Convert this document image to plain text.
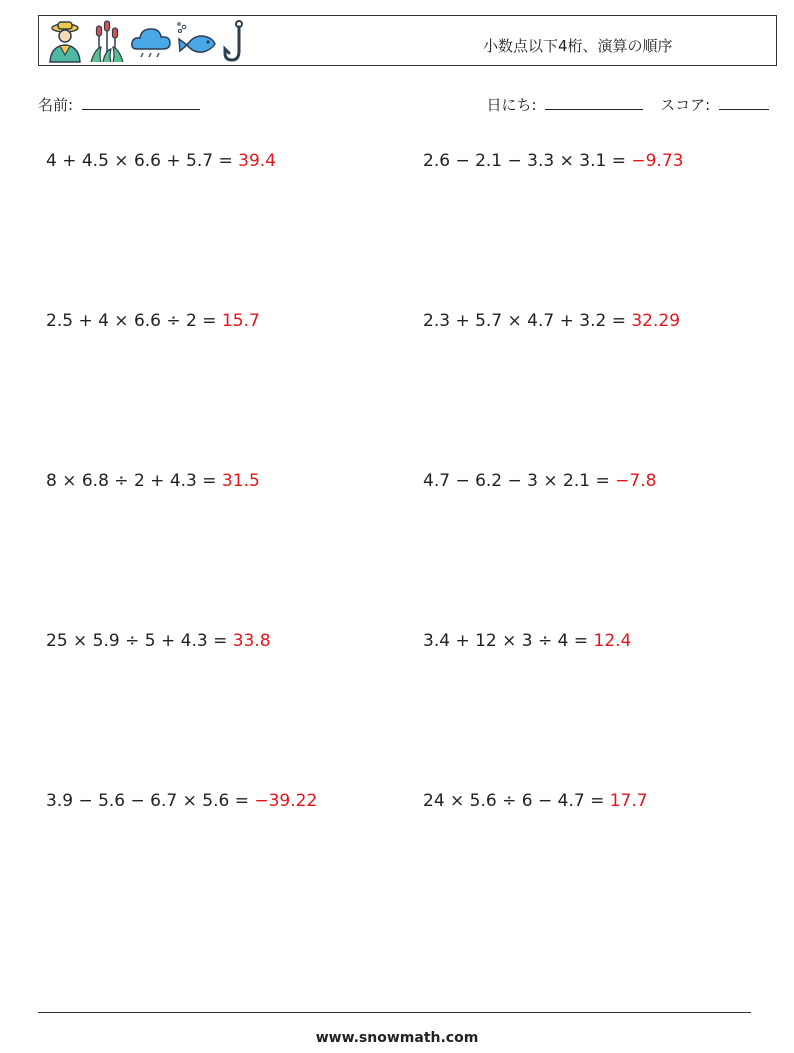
小数点以下4桁、演算の順序
名前:	日にち:	スコア:
4 + 4.5 × 6.6 + 5.7 = 39.4	2.6 − 2.1 − 3.3 × 3.1 = −9.73
2.5 + 4 × 6.6 ÷ 2 = 15.7	2.3 + 5.7 × 4.7 + 3.2 = 32.29
8 × 6.8 ÷ 2 + 4.3 = 31.5	4.7 − 6.2 − 3 × 2.1 = −7.8
25 × 5.9 ÷ 5 + 4.3 = 33.8	3.4 + 12 × 3 ÷ 4 = 12.4
3.9 − 5.6 − 6.7 × 5.6 = −39.22	24 × 5.6 ÷ 6 − 4.7 = 17.7
www.snowmath.com
